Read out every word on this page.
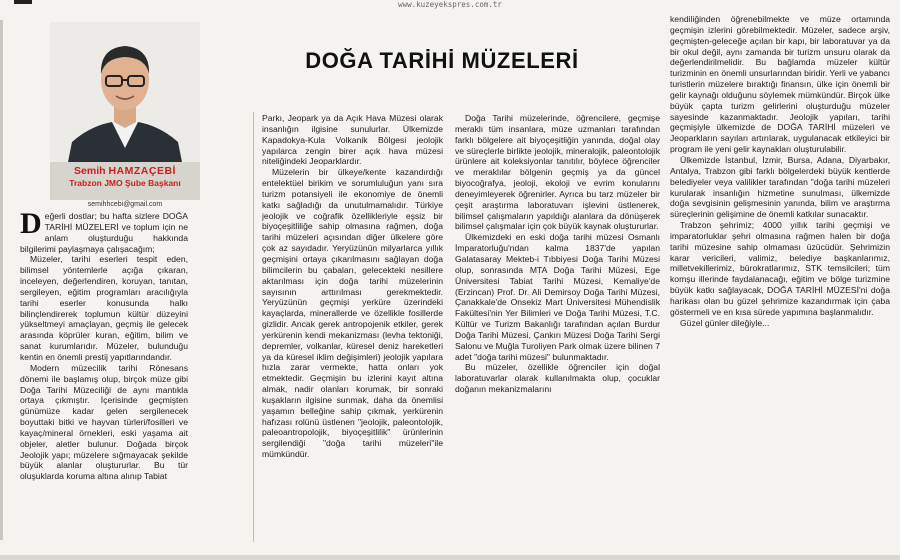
www.kuzeyekspres.com.tr
Semih HAMZAÇEBİ
Trabzon JMO Şube Başkanı
semihhcebi@gmail.com
DOĞA TARİHİ MÜZELERİ

Değerli dostlar; bu hafta sizlere DOĞA TARİHİ MÜZELERİ ve toplum için ne anlam oluşturduğu hakkında bilgilerimi paylaşmaya çalışacağım;

Müzeler, tarihi eserleri tespit eden, bilimsel yöntemlerle açığa çıkaran, inceleyen, değerlendiren, koruyan, tanıtan, sergileyen, eğitim programları aracılığıyla tarihi eserler konusunda halkı bilinçlendirerek toplumun kültür düzeyini yükseltmeyi amaçlayan, geçmiş ile gelecek arasında köprüler kuran, eğitim, bilim ve sanat kurumlarıdır. Müzeler, bulunduğu kentin en önemli prestij yapıtlarındandır.

Modern müzecilik tarihi Rönesans dönemi ile başlamış olup, birçok müze gibi Doğa Tarihi Müzeciliği de aynı mantıkla ortaya çıkmıştır. İçerisinde geçmişten günümüze kadar gelen sergilenecek boyuttaki bitki ve hayvan türleri/fosilleri ve kayaç/mineral örnekleri, eski yaşama ait objeler, aletler bulunur. Doğada birçok Jeolojik yapı; müzelere sığmayacak şekilde büyük alanlar oluştururlar. Bu tür oluşuklarda koruma altına alınıp Tabiat

Parkı, Jeopark ya da Açık Hava Müzesi olarak insanlığın ilgisine sunulurlar. Ülkemizde Kapadokya-Kula Volkanik Bölgesi jeolojik yapılarca zengin birer açık hava müzesi niteliğindeki Jeoparklardır.

Müzelerin bir ülkeye/kente kazandırdığı entelektüel birikim ve sorumluluğun yanı sıra turizm potansiyeli ile ekonomiye de önemli katkı sağladığı da unutulmamalıdır. Türkiye jeolojik ve coğrafik özellikleriyle eşsiz bir biyoçeşitliliğe sahip olmasına rağmen, doğa tarihi müzeleri açısından diğer ülkelere göre çok az sayıdadır. Yeryüzünün milyarlarca yıllık geçmişini ortaya çıkarılmasını sağlayan doğa bilimcilerin bu çabaları, gelecekteki nesillere aktarılması için doğa tarihi müzelerinin sayısının arttırılması gerekmektedir. Yeryüzünün geçmişi yerküre üzerindeki kayaçlarda, minerallerde ve özellikle fosillerde gizlidir. Ancak gerek antropojenik etkiler, gerek yerkürenin kendi mekanizması (levha tektoniği, depremler, volkanlar, küresel deniz hareketleri ya da küresel iklim değişimleri) jeolojik yapılara hızla zarar vermekte, hatta onları yok etmektedir. Geçmişin bu izlerini kayıt altına almak, nadir olanları korumak, bir sonraki kuşakların ilgisine sunmak, daha da önemlisi yaşamın belleğine sahip çıkmak, yerkürenin hafızası rolünü üstlenen "jeolojik, paleontolojik, paleoantropolojik, biyoçeşitlilik" ürünlerinin sergilendiği "doğa tarihi müzeleri"ile mümkündür.

Doğa Tarihi müzelerinde, öğrencilere, geçmişe meraklı tüm insanlara, müze uzmanları tarafından farklı bölgelere ait biyoçeşitliğin yanında, doğal olay ve süreçlerle birlikte jeolojik, mineralojik, paleontolojik ürünlere ait koleksiyonlar tanıtılır, böylece öğrenciler ve meraklılar bölgenin geçmiş ya da güncel biyocoğrafya, jeoloji, ekoloji ve evrim konularını deneyimleyerek öğrenirler. Ayrıca bu tarz müzeler bir çeşit araştırma laboratuvarı işlevini üstlenerek, bilimsel çalışmaların yapıldığı alanlara da dönüşerek bilimsel çalışmalar için çok büyük kaynak oluştururlar.

Ülkemizdeki en eski doğa tarihi müzesi Osmanlı İmparatorluğu'ndan kalma 1837'de yapılan Galatasaray Mekteb-i Tıbbiyesi Doğa Tarihi Müzesi olup, sonrasında MTA Doğa Tarihi Müzesi, Ege Üniversitesi Tabiat Tarihi Müzesi, Kemaliye'de (Erzincan) Prof. Dr. Ali Demirsoy Doğa Tarihi Müzesi, Çanakkale'de Onsekiz Mart Üniversitesi Mühendislik Fakültesi'nin Yer Bilimleri ve Doğa Tarihi Müzesi, T.C. Kültür ve Turizm Bakanlığı tarafından açılan Burdur Doğa Tarihi Müzesi, Çankırı Müzesi Doğa Tarihi Sergi Salonu ve Muğla Turoliyen Park olmak üzere bilinen 7 adet "doğa tarihi müzesi" bulunmaktadır.

Bu müzeler, özellikle öğrenciler için doğal laboratuvarlar olarak kullanılmakta olup, çocuklar doğanın mekanizmalarını

kendiliğinden öğrenebilmekte ve müze ortamında geçmişin izlerini görebilmektedir. Müzeler, sadece arşiv, geçmişten-geleceğe açılan bir kapı, bir laboratuvar ya da bir okul değil, aynı zamanda bir turizm unsuru olarak da değerlendirilmelidir. Bu bağlamda müzeler kültür turizminin en önemli unsurlarından biridir. Yerli ve yabancı turistlerin müzelere bıraktığı finansın, ülke için önemli bir gelir kaynağı olduğunu söylemek mümkündür. Birçok ülke büyük çapta turizm gelirlerini oluşturduğu müzeler sayesinde kazanmaktadır. Jeolojik yapıları, tarihi geçmişiyle ülkemizde de DOĞA TARİHİ müzeleri ve Jeoparkların sayıları artırılarak, uygulanacak etkileyici bir program ile yeni gelir kaynakları oluşturulabilir.

Ülkemizde İstanbul, İzmir, Bursa, Adana, Diyarbakır, Antalya, Trabzon gibi farklı bölgelerdeki büyük kentlerde belediyeler veya valilikler tarafından "doğa tarihi müzeleri kurularak insanlığın hizmetine sunulması, ülkemizde doğa sevgisinin gelişmesinin yanında, bilim ve araştırma süreçlerinin gelişimine de önemli katkılar sunacaktır.

Trabzon şehrimiz; 4000 yıllık tarihi geçmişi ve imparatorluklar şehri olmasına rağmen halen bir doğa tarihi müzesine sahip olmaması üzücüdür. Şehrimizin karar vericileri, valimiz, belediye başkanlarımız, milletvekillerimiz, bürokratlarımız, STK temsilcileri; tüm komşu illerinde faydalanacağı, eğitim ve bölge turizmine büyük katkı sağlayacak, DOĞA TARİHİ MÜZESİ'ni doğa harikası olan bu güzel şehrimize kazandırmak için çaba göstermeli ve en kısa sürede yapımına başlanmalıdır.

Güzel günler dileğiyle...
